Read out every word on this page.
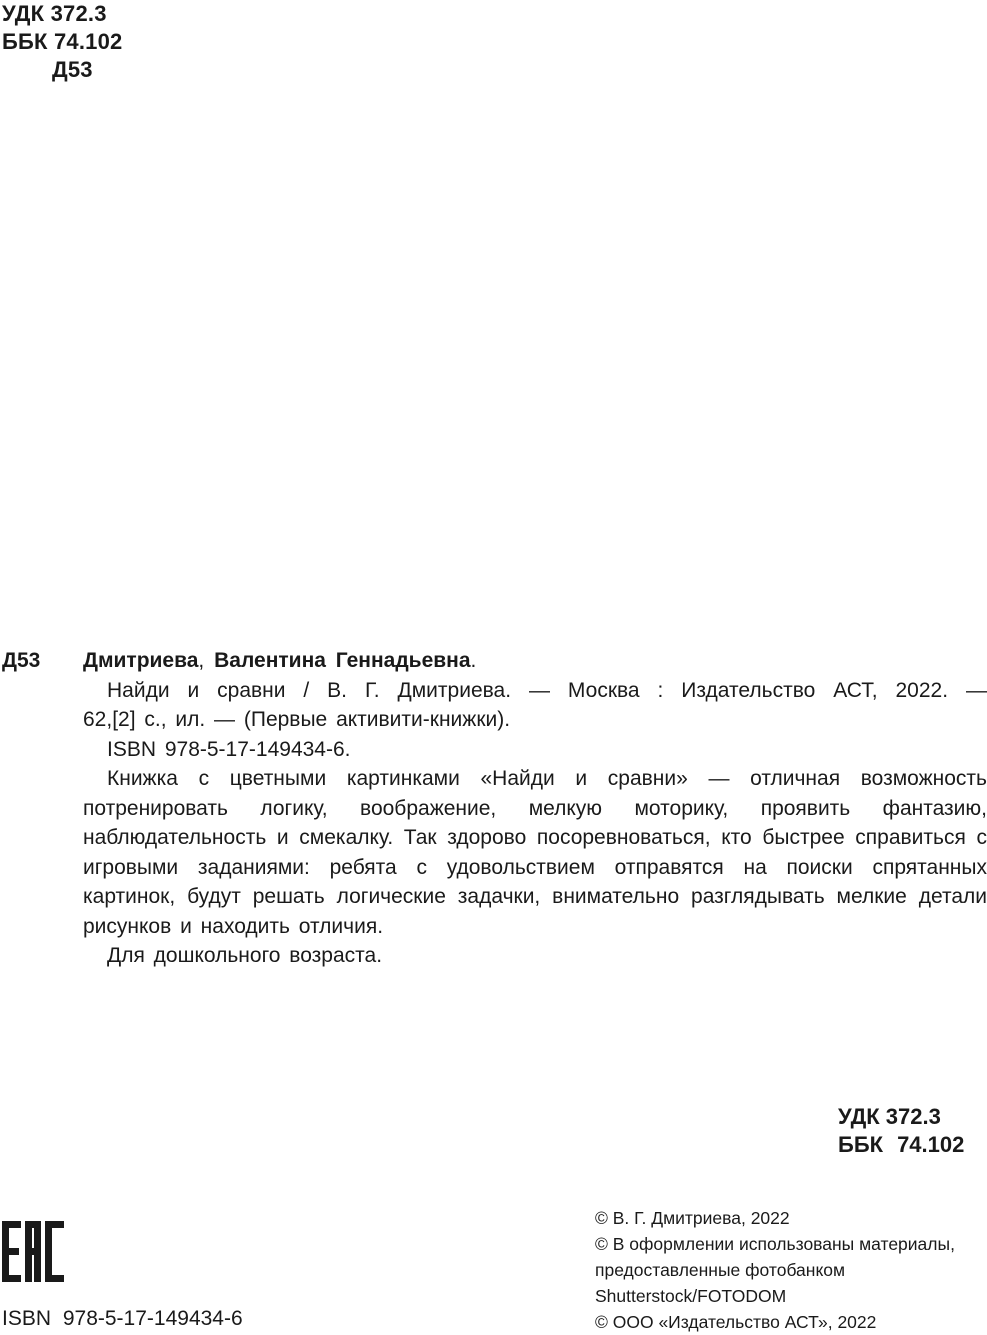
УДК 372.3
ББК 74.102
Д53
Д53 Дмитриева, Валентина Геннадьевна.

Найди и сравни / В. Г. Дмитриева. — Москва : Издательство АСТ, 2022. —

62,[2] с., ил. — (Первые активити-книжки).

ISBN 978-5-17-149434-6.

Книжка с цветными картинками «Найди и сравни» — отличная возможность потренировать логику, воображение, мелкую моторику, проявить фантазию, наблюдательность и смекалку. Так здорово посоревноваться, кто быстрее справиться с игровыми заданиями: ребята с удовольствием отправятся на поиски спрятанных картинок, будут решать логические задачки, внимательно разглядывать мелкие детали рисунков и находить отличия.

Для дошкольного возраста.

УДК 372.3
ББК 74.102
ISBN 978-5-17-149434-6
© В. Г. Дмитриева, 2022
© В оформлении использованы материалы,
предоставленные фотобанком
Shutterstock/FOTODOM
© ООО «Издательство АСТ», 2022
